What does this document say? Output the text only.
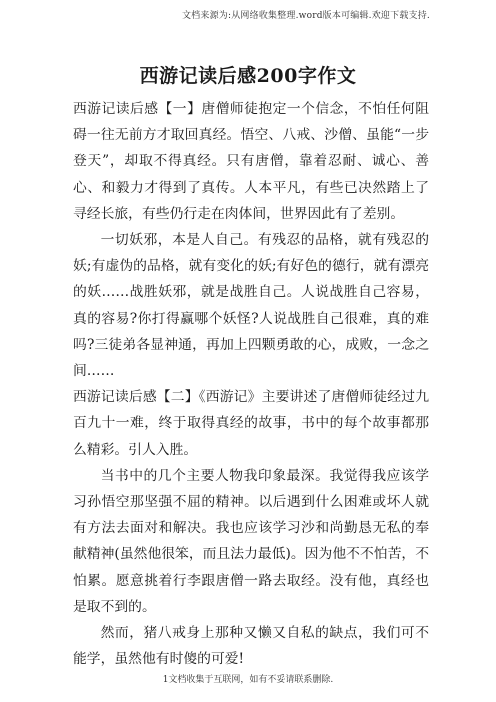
文档来源为:从网络收集整理.word版本可编辑.欢迎下载支持.
西游记读后感200字作文

西游记读后感【一】唐僧师徒抱定一个信念，不怕任何阻碍一往无前方才取回真经。悟空、八戒、沙僧、虽能“一步登天”，却取不得真经。只有唐僧，靠着忍耐、诚心、善心、和毅力才得到了真传。人本平凡，有些已决然踏上了寻经长旅，有些仍行走在肉体间，世界因此有了差别。

一切妖邪，本是人自己。有残忍的品格，就有残忍的妖;有虚伪的品格，就有变化的妖;有好色的德行，就有漂亮的妖……战胜妖邪，就是战胜自己。人说战胜自己容易，真的容易?你打得赢哪个妖怪?人说战胜自己很难，真的难吗?三徒弟各显神通，再加上四颗勇敢的心，成败，一念之间……

西游记读后感【二】《西游记》主要讲述了唐僧师徒经过九百九十一难，终于取得真经的故事，书中的每个故事都那么精彩。引人入胜。

当书中的几个主要人物我印象最深。我觉得我应该学习孙悟空那坚强不屈的精神。以后遇到什么困难或坏人就有方法去面对和解决。我也应该学习沙和尚勤恳无私的奉献精神(虽然他很笨，而且法力最低)。因为他不不怕苦，不怕累。愿意挑着行李跟唐僧一路去取经。没有他，真经也是取不到的。

然而，猪八戒身上那种又懒又自私的缺点，我们可不能学，虽然他有时傻的可爱!

1文档收集于互联网，如有不妥请联系删除.
